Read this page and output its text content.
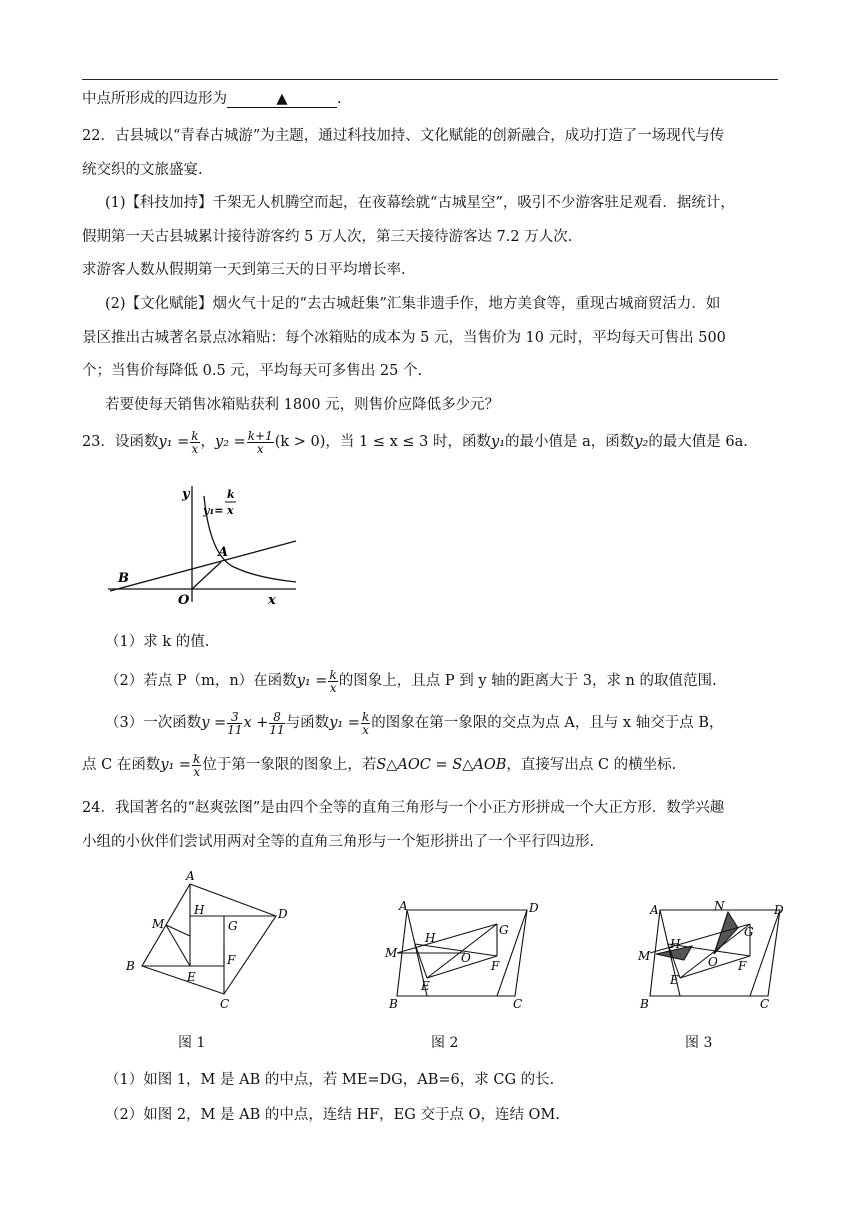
中点所形成的四边形为	▲	.
22．古县城以“青春古城游”为主题，通过科技加持、文化赋能的创新融合，成功打造了一场现代与传
统交织的文旅盛宴.
(1)【科技加持】千架无人机腾空而起，在夜幕绘就“古城星空”，吸引不少游客驻足观看．据统计，
假期第一天古县城累计接待游客约 5 万人次，第三天接待游客达 7.2 万人次.
求游客人数从假期第一天到第三天的日平均增长率.
(2)【文化赋能】烟火气十足的“去古城赶集”汇集非遗手作，地方美食等，重现古城商贸活力．如
景区推出古城著名景点冰箱贴：每个冰箱贴的成本为 5 元，当售价为 10 元时，平均每天可售出 500
个；当售价每降低 0.5 元，平均每天可多售出 25 个.
若要使每天销售冰箱贴获利 1800 元，则售价应降低多少元？
23．设函数$y_1 = \frac{k}{x}$ ，$y_2 = \frac{k+1}{x} (k > 0)$，当 1 ≤ x ≤ 3 时，函数y₁的最小值是 a，函数y₂的最大值是 6a.
y
x
O
A
B
y₁=
k
x
（1）求 k 的值.
（2）若点 P（m，n）在函数$y_1 = \frac{k}{x}$ 的图象上，且点 P 到 y 轴的距离大于 3，求 n 的取值范围.
（3）一次函数$y = \frac{3}{11}$ $x + \frac{8}{11}$ 与函数$y_1 = \frac{k}{x}$ 的图象在第一象限的交点为点 A，且与 x 轴交于点 B，
点 C 在函数$y_1 = \frac{k}{x}$ 位于第一象限的图象上，若S△AOC = S△AOB，直接写出点 C 的横坐标.
24．我国著名的“赵爽弦图”是由四个全等的直角三角形与一个小正方形拼成一个大正方形．数学兴趣
小组的小伙伴们尝试用两对全等的直角三角形与一个矩形拼出了一个平行四边形.
A
B
C
D
E
F
G
H
M
图 1
A
B	C
D
E
F
G
H
M	O
图 2
A
B	C
D
E
F
G
H
M
N
O
图 3
（1）如图 1，M 是 AB 的中点，若 ME=DG，AB=6，求 CG 的长.
（2）如图 2，M 是 AB 的中点，连结 HF，EG 交于点 O，连结 OM.
